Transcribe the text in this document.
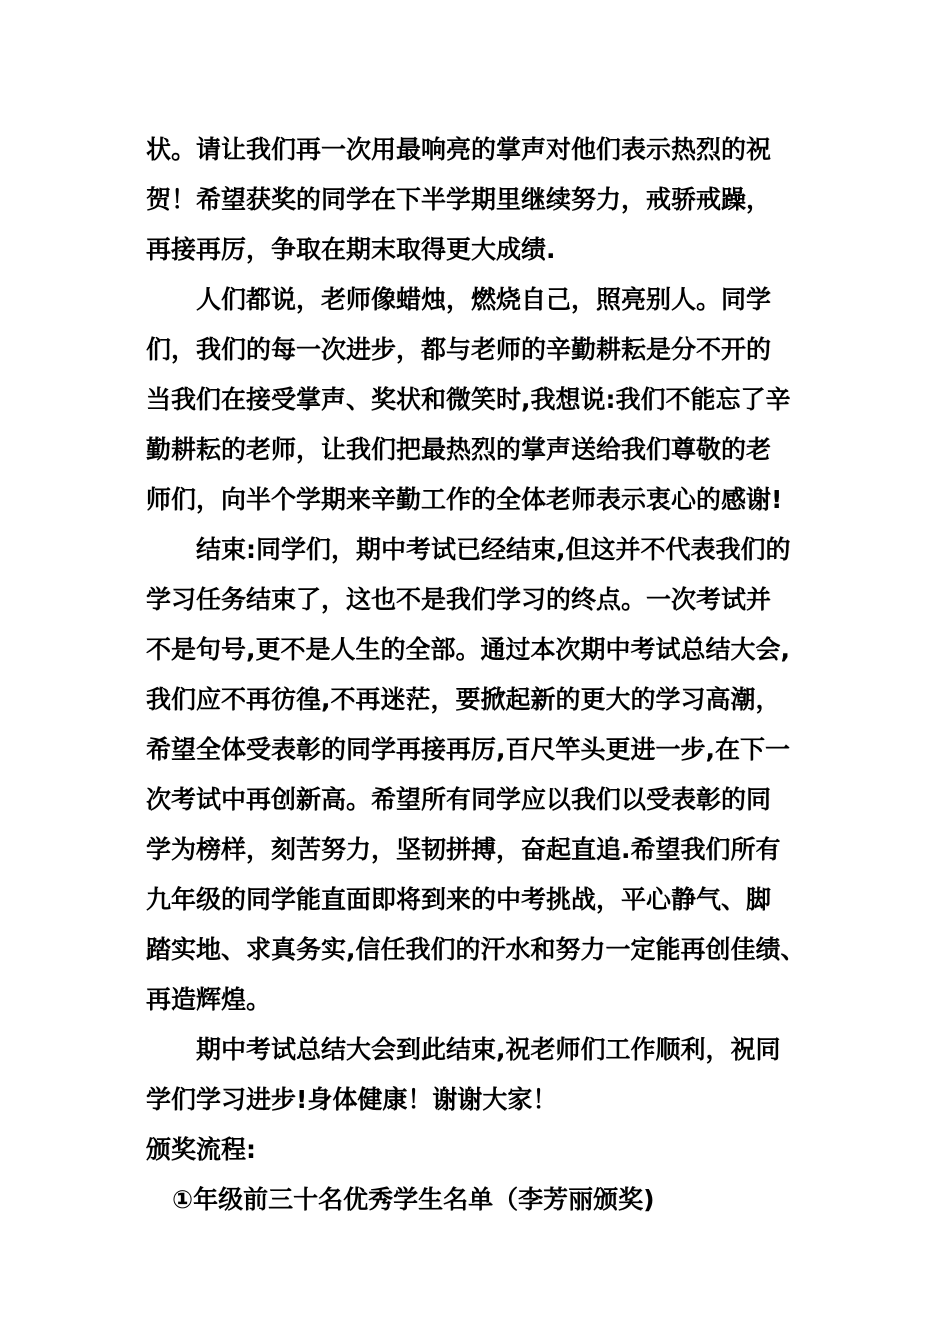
状。请让我们再一次用最响亮的掌声对他们表示热烈的祝
贺！希望获奖的同学在下半学期里继续努力，戒骄戒躁，
再接再厉，争取在期末取得更大成绩.
人们都说，老师像蜡烛，燃烧自己，照亮别人。同学
们，我们的每一次进步，都与老师的辛勤耕耘是分不开的
当我们在接受掌声、奖状和微笑时,我想说:我们不能忘了辛
勤耕耘的老师，让我们把最热烈的掌声送给我们尊敬的老
师们，向半个学期来辛勤工作的全体老师表示衷心的感谢!
结束:同学们，期中考试已经结束,但这并不代表我们的
学习任务结束了，这也不是我们学习的终点。一次考试并
不是句号,更不是人生的全部。通过本次期中考试总结大会,
我们应不再彷徨,不再迷茫，要掀起新的更大的学习高潮，
希望全体受表彰的同学再接再厉,百尺竿头更进一步,在下一
次考试中再创新高。希望所有同学应以我们以受表彰的同
学为榜样，刻苦努力，坚韧拼搏，奋起直追.希望我们所有
九年级的同学能直面即将到来的中考挑战，平心静气、脚
踏实地、求真务实,信任我们的汗水和努力一定能再创佳绩、
再造辉煌。
期中考试总结大会到此结束,祝老师们工作顺利，祝同
学们学习进步!身体健康！谢谢大家！
颁奖流程:
①年级前三十名优秀学生名单（李芳丽颁奖)
